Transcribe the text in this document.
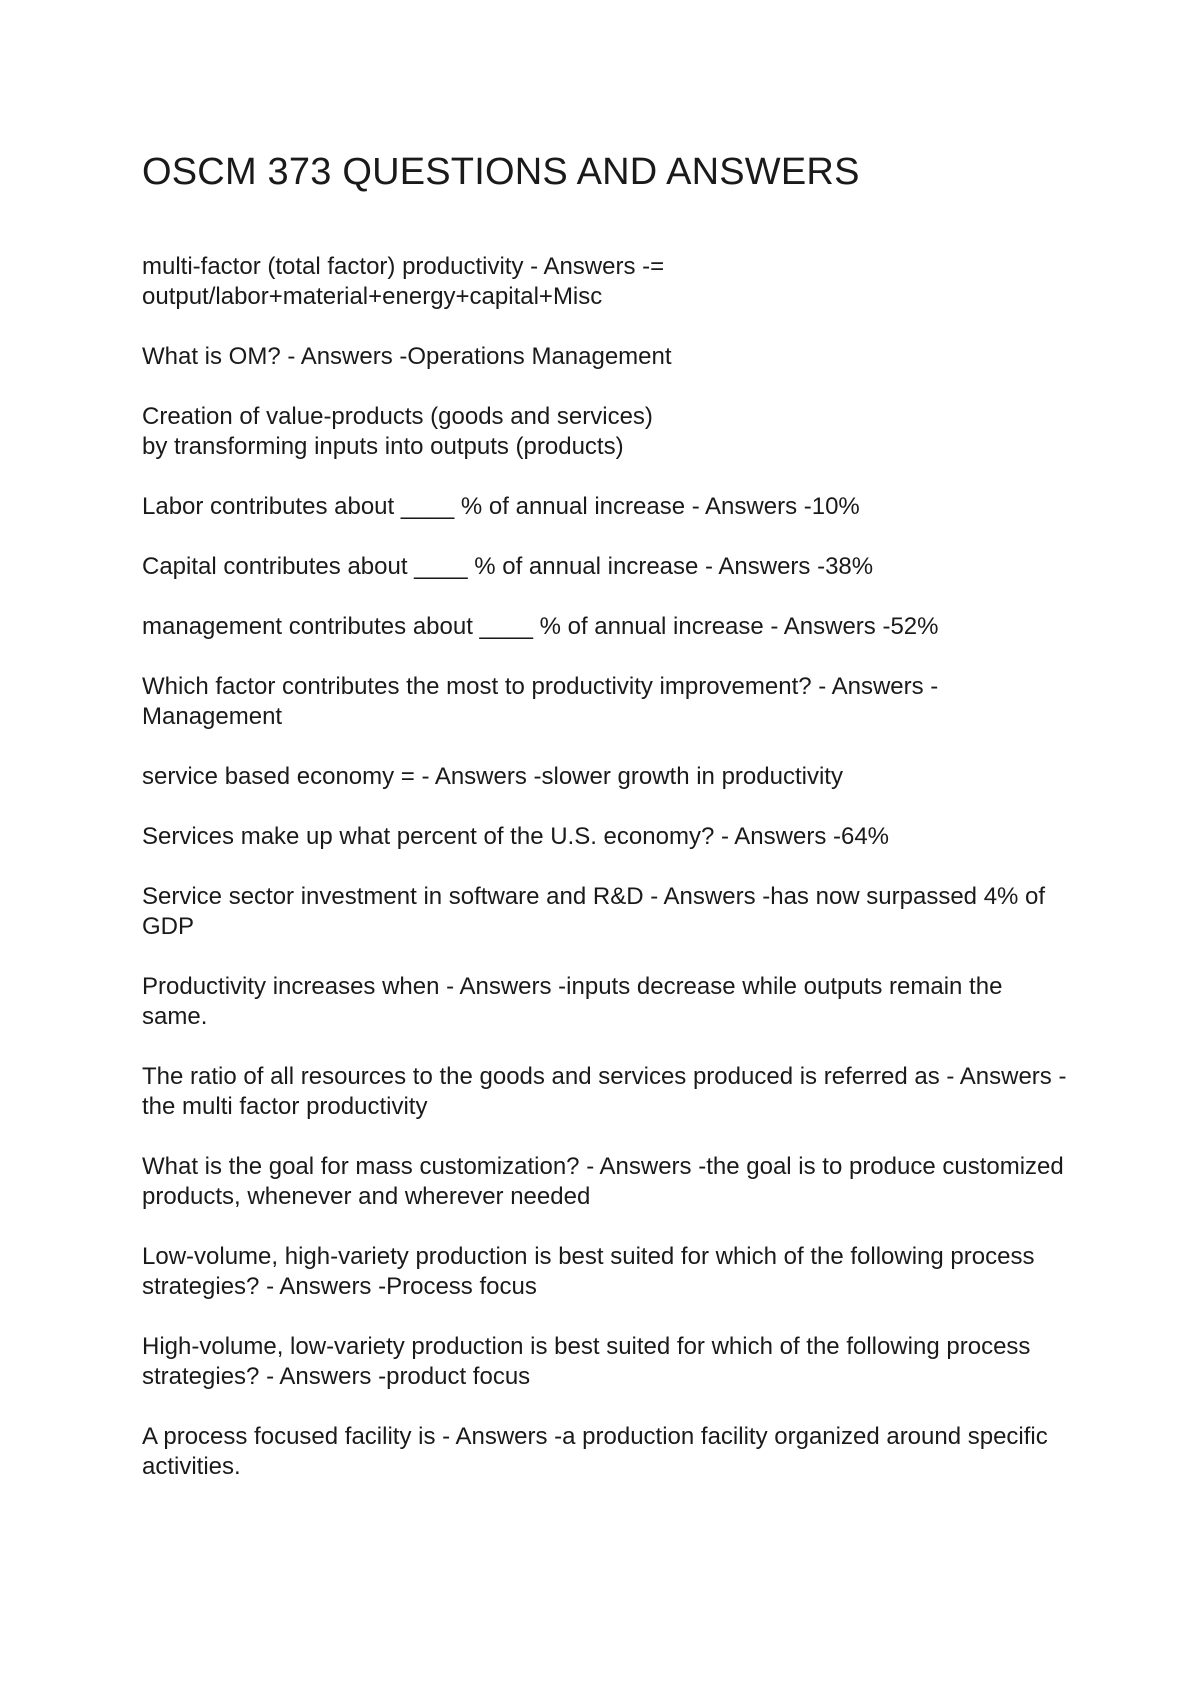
OSCM 373 QUESTIONS AND ANSWERS
multi-factor (total factor) productivity - Answers -=
output/labor+material+energy+capital+Misc
What is OM? - Answers -Operations Management
Creation of value-products (goods and services)
by transforming inputs into outputs (products)
Labor contributes about ____ % of annual increase - Answers -10%
Capital contributes about ____ % of annual increase - Answers -38%
management contributes about ____ % of annual increase - Answers -52%
Which factor contributes the most to productivity improvement? - Answers -
Management
service based economy = - Answers -slower growth in productivity
Services make up what percent of the U.S. economy? - Answers -64%
Service sector investment in software and R&D - Answers -has now surpassed 4% of
GDP
Productivity increases when - Answers -inputs decrease while outputs remain the
same.
The ratio of all resources to the goods and services produced is referred as - Answers -
the multi factor productivity
What is the goal for mass customization? - Answers -the goal is to produce customized
products, whenever and wherever needed
Low-volume, high-variety production is best suited for which of the following process
strategies? - Answers -Process focus
High-volume, low-variety production is best suited for which of the following process
strategies? - Answers -product focus
A process focused facility is - Answers -a production facility organized around specific
activities.
